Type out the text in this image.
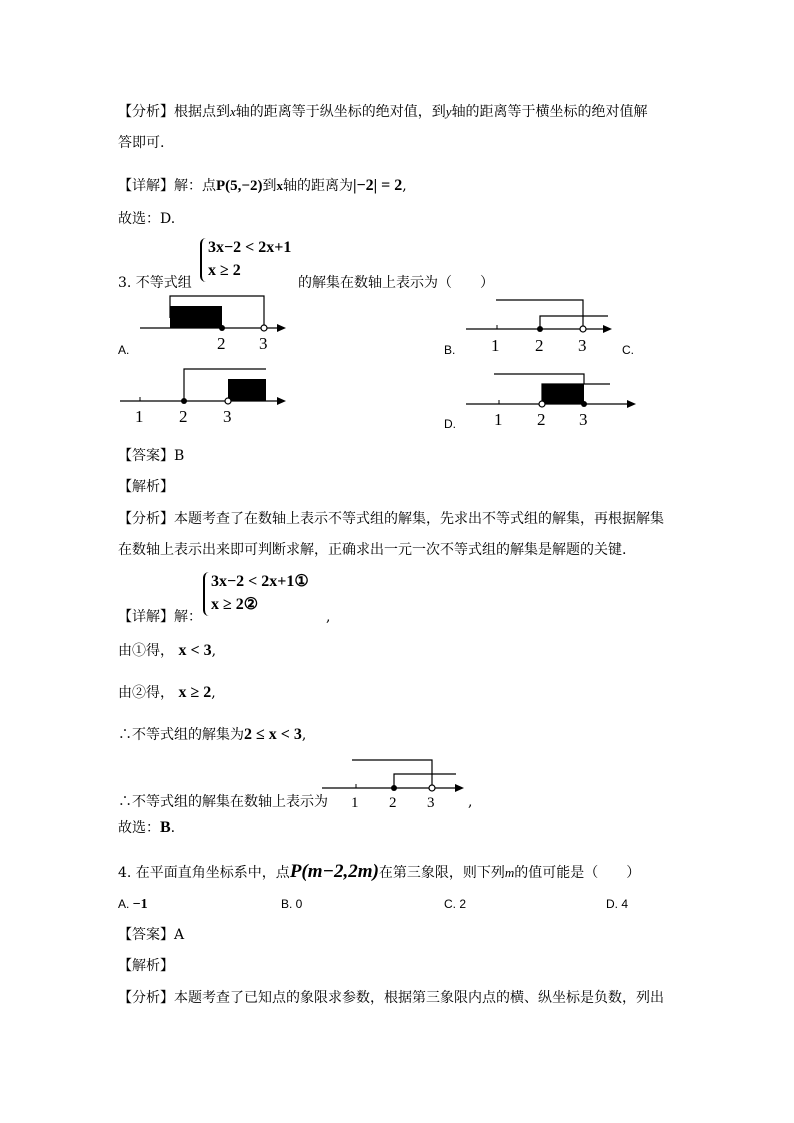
【分析】根据点到x轴的距离等于纵坐标的绝对值，到y轴的距离等于横坐标的绝对值解
答即可.
【详解】解：点P(5,−2)到x轴的距离为|−2| = 2,
故选：D.
3x−2 < 2x+1
x ≥ 2
3. 不等式组	的解集在数轴上表示为（　　）
A.	2 3	B. 1 2 3	C.
1 2 3	D. 1 2 3
【答案】B
【解析】
【分析】本题考查了在数轴上表示不等式组的解集，先求出不等式组的解集，再根据解集
在数轴上表示出来即可判断求解，正确求出一元一次不等式组的解集是解题的关键.
3x−2 < 2x+1①
x ≥ 2②
【详解】解：	,
由①得， x < 3,
由②得， x ≥ 2,
∴不等式组的解集为2 ≤ x < 3,
∴不等式组的解集在数轴上表示为 1 2 3 ,
故选：B.
4. 在平面直角坐标系中，点P(m−2,2m)在第三象限，则下列m的值可能是（　　）
A. −1	B. 0	C. 2	D. 4
【答案】A
【解析】
【分析】本题考查了已知点的象限求参数，根据第三象限内点的横、纵坐标是负数，列出
